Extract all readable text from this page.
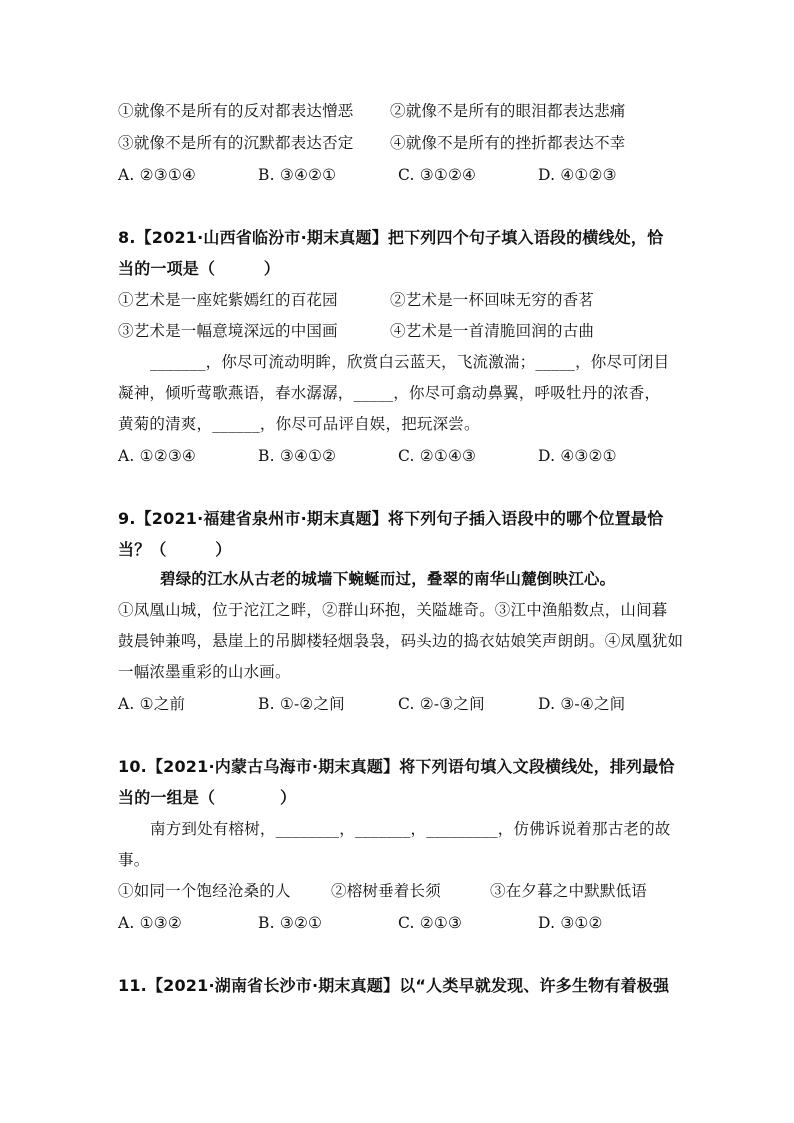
①就像不是所有的反对都表达憎恶	②就像不是所有的眼泪都表达悲痛
③就像不是所有的沉默都表达否定	④就像不是所有的挫折都表达不幸
A. ②③①④	B. ③④②①	C. ③①②④	D. ④①②③
8.【2021·山西省临汾市·期末真题】把下列四个句子填入语段的横线处，恰
当的一项是（　　　）
①艺术是一座姹紫嫣红的百花园	②艺术是一杯回味无穷的香茗
③艺术是一幅意境深远的中国画	④艺术是一首清脆回润的古曲
_______，你尽可流动明眸，欣赏白云蓝天，飞流激湍；_____，你尽可闭目
凝神，倾听莺歌燕语，春水潺潺，_____，你尽可翕动鼻翼，呼吸牡丹的浓香，
黄菊的清爽，______，你尽可品评自娱，把玩深尝。
A. ①②③④	B. ③④①②	C. ②①④③	D. ④③②①
9.【2021·福建省泉州市·期末真题】将下列句子插入语段中的哪个位置最恰
当？（　　　）
碧绿的江水从古老的城墙下蜿蜒而过，叠翠的南华山麓倒映江心。
①凤凰山城，位于沱江之畔，②群山环抱，关隘雄奇。③江中渔船数点，山间暮
鼓晨钟兼鸣，悬崖上的吊脚楼轻烟袅袅，码头边的捣衣姑娘笑声朗朗。④凤凰犹如
一幅浓墨重彩的山水画。
A. ①之前	B. ①-②之间	C. ②-③之间	D. ③-④之间
10.【2021·内蒙古乌海市·期末真题】将下列语句填入文段横线处，排列最恰
当的一组是（　　　　）
南方到处有榕树，________，_______，_________，仿佛诉说着那古老的故
事。
①如同一个饱经沧桑的人	②榕树垂着长须	③在夕暮之中默默低语
A. ①③②	B. ③②①	C. ②①③	D. ③①②
11.【2021·湖南省长沙市·期末真题】以“人类早就发现、许多生物有着极强
